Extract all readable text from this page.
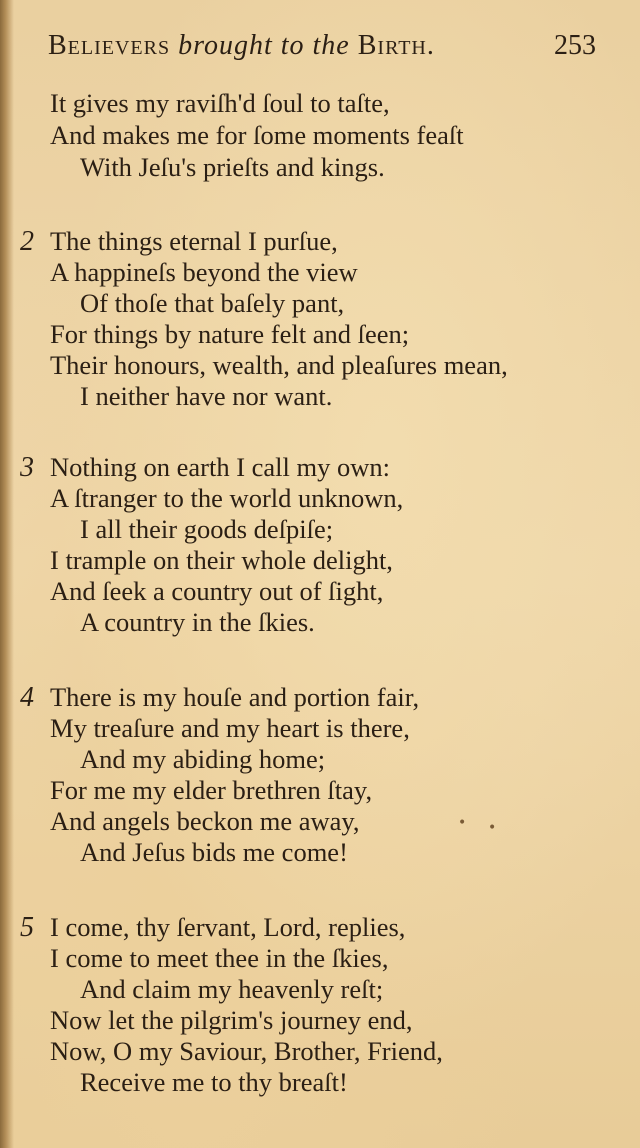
Believers brought to the Birth.	253
It gives my raviſh'd ſoul to taſte,
And makes me for ſome moments feaſt
With Jeſu's prieſts and kings.
2 The things eternal I purſue,
A happineſs beyond the view
Of thoſe that baſely pant,
For things by nature felt and ſeen;
Their honours, wealth, and pleaſures mean,
I neither have nor want.
3 Nothing on earth I call my own:
A ſtranger to the world unknown,
I all their goods deſpiſe;
I trample on their whole delight,
And ſeek a country out of ſight,
A country in the ſkies.
4 There is my houſe and portion fair,
My treaſure and my heart is there,
And my abiding home;
For me my elder brethren ſtay,
And angels beckon me away,
And Jeſus bids me come!
5 I come, thy ſervant, Lord, replies,
I come to meet thee in the ſkies,
And claim my heavenly reſt;
Now let the pilgrim's journey end,
Now, O my Saviour, Brother, Friend,
Receive me to thy breaſt!
• •
